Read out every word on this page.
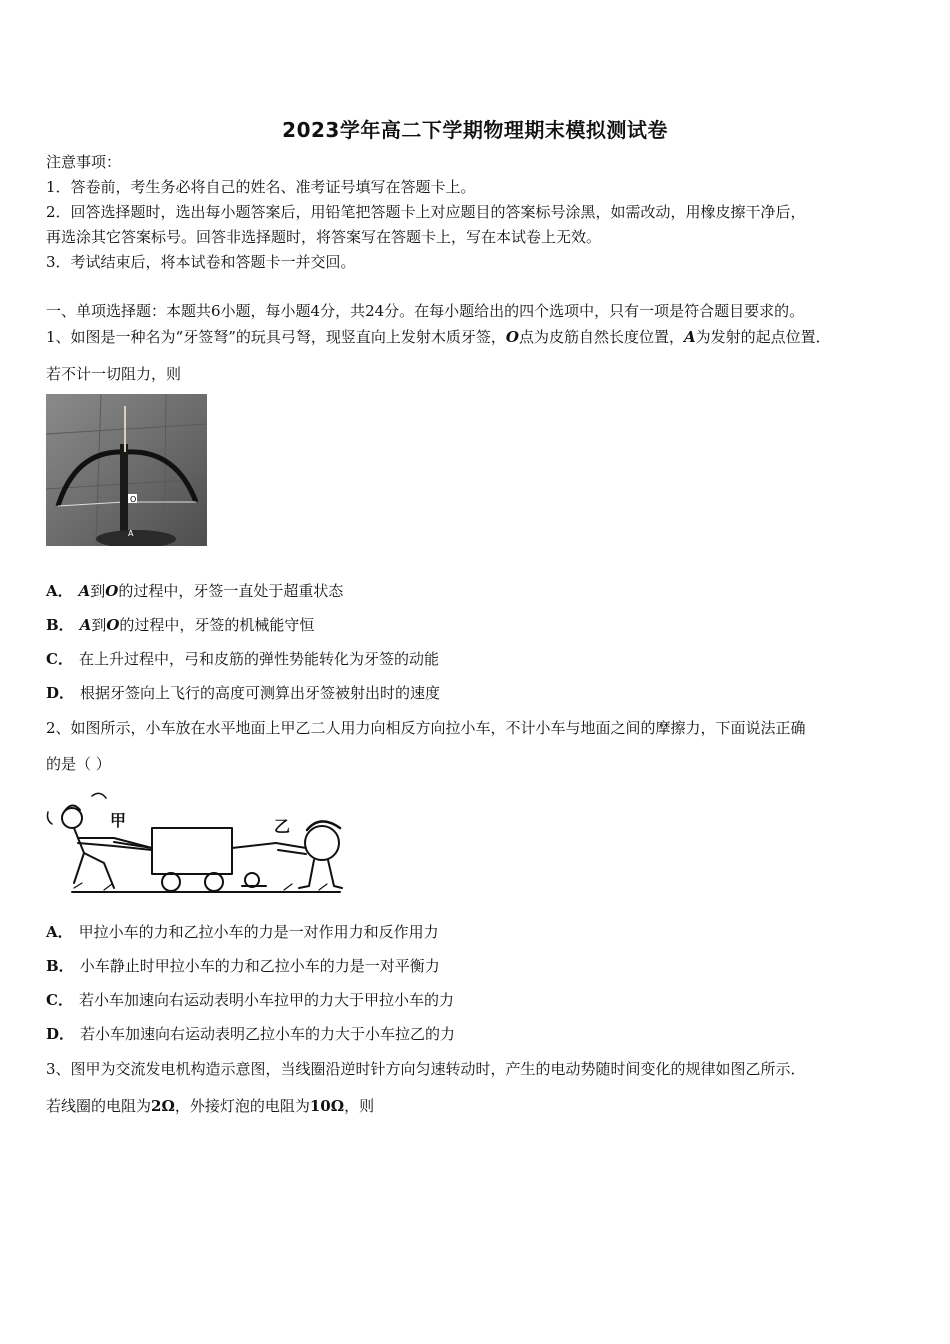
2023学年高二下学期物理期末模拟测试卷
注意事项：
1．答卷前，考生务必将自己的姓名、准考证号填写在答题卡上。
2．回答选择题时，选出每小题答案后，用铅笔把答题卡上对应题目的答案标号涂黑，如需改动，用橡皮擦干净后，
再选涂其它答案标号。回答非选择题时，将答案写在答题卡上，写在本试卷上无效。
3．考试结束后，将本试卷和答题卡一并交回。
一、单项选择题：本题共6小题，每小题4分，共24分。在每小题给出的四个选项中，只有一项是符合题目要求的。
1、如图是一种名为“牙签弩”的玩具弓弩，现竖直向上发射木质牙签，O点为皮筋自然长度位置，A为发射的起点位置．
若不计一切阻力，则
O
A
A． A到O的过程中，牙签一直处于超重状态
B． A到O的过程中，牙签的机械能守恒
C． 在上升过程中，弓和皮筋的弹性势能转化为牙签的动能
D． 根据牙签向上飞行的高度可测算出牙签被射出时的速度
2、如图所示，小车放在水平地面上甲乙二人用力向相反方向拉小车，不计小车与地面之间的摩擦力，下面说法正确
的是（ ）
甲	乙
A． 甲拉小车的力和乙拉小车的力是一对作用力和反作用力
B． 小车静止时甲拉小车的力和乙拉小车的力是一对平衡力
C． 若小车加速向右运动表明小车拉甲的力大于甲拉小车的力
D． 若小车加速向右运动表明乙拉小车的力大于小车拉乙的力
3、图甲为交流发电机构造示意图，当线圈沿逆时针方向匀速转动时，产生的电动势随时间变化的规律如图乙所示．
若线圈的电阻为2Ω，外接灯泡的电阻为10Ω，则
